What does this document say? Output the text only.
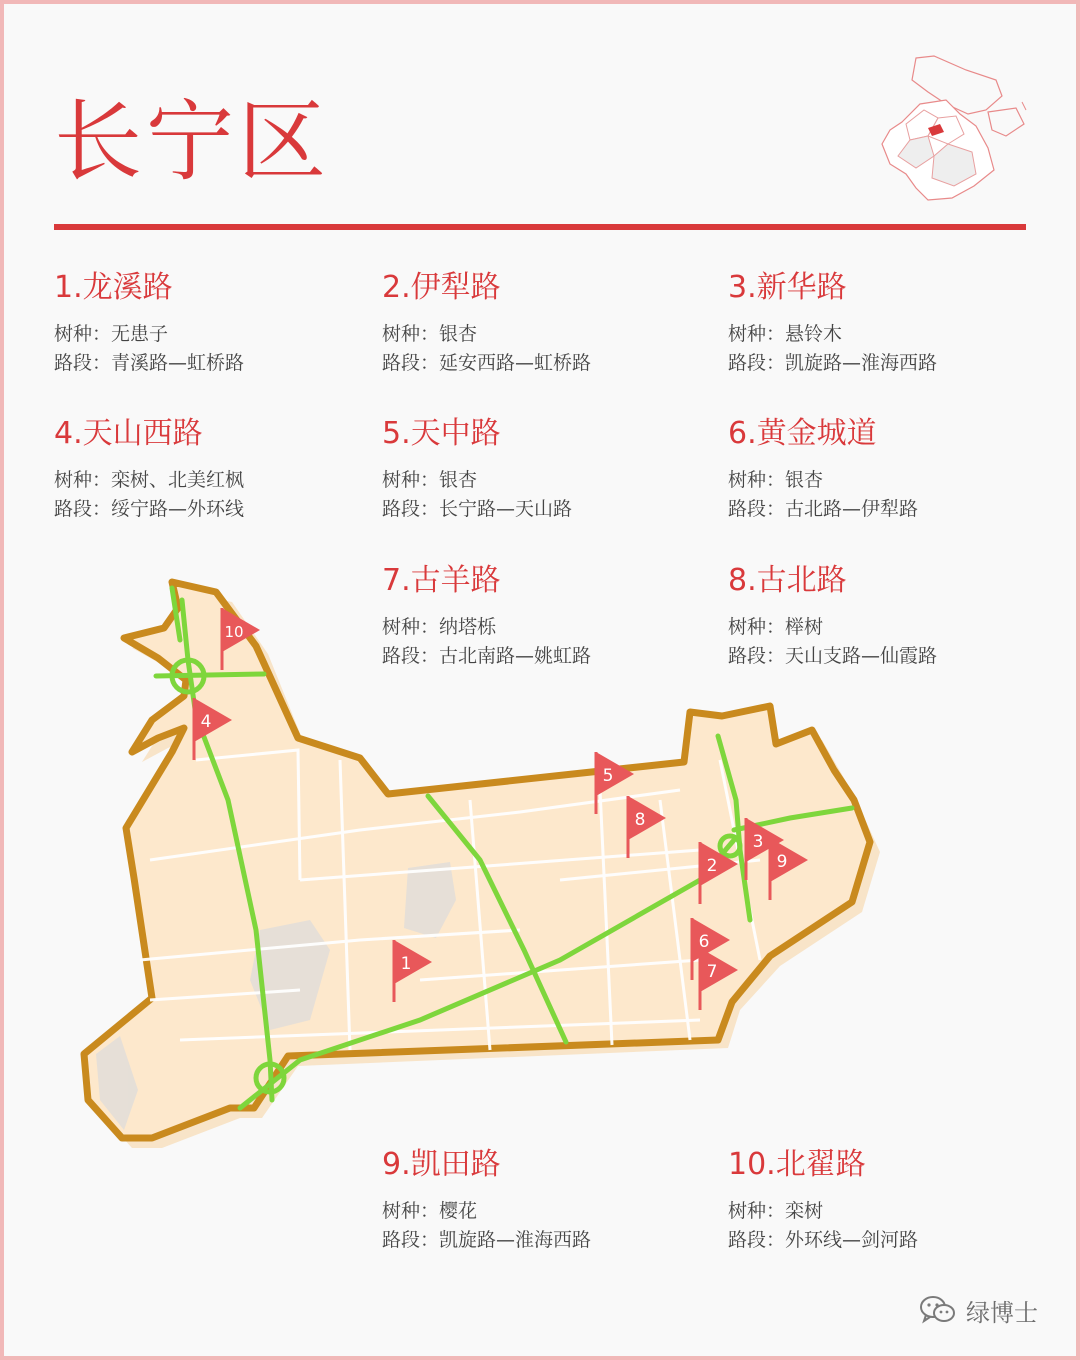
长宁区
1.龙溪路
树种：无患子
路段：青溪路—虹桥路
2.伊犁路
树种：银杏
路段：延安西路—虹桥路
3.新华路
树种：悬铃木
路段：凯旋路—淮海西路
4.天山西路
树种：栾树、北美红枫
路段：绥宁路—外环线
5.天中路
树种：银杏
路段：长宁路—天山路
6.黄金城道
树种：银杏
路段：古北路—伊犁路
7.古羊路
树种：纳塔栎
路段：古北南路—姚虹路
8.古北路
树种：榉树
路段：天山支路—仙霞路
1
2
3
4
5
6
7
8
9
10
9.凯田路
树种：樱花
路段：凯旋路—淮海西路
10.北翟路
树种：栾树
路段：外环线—剑河路
绿博士
